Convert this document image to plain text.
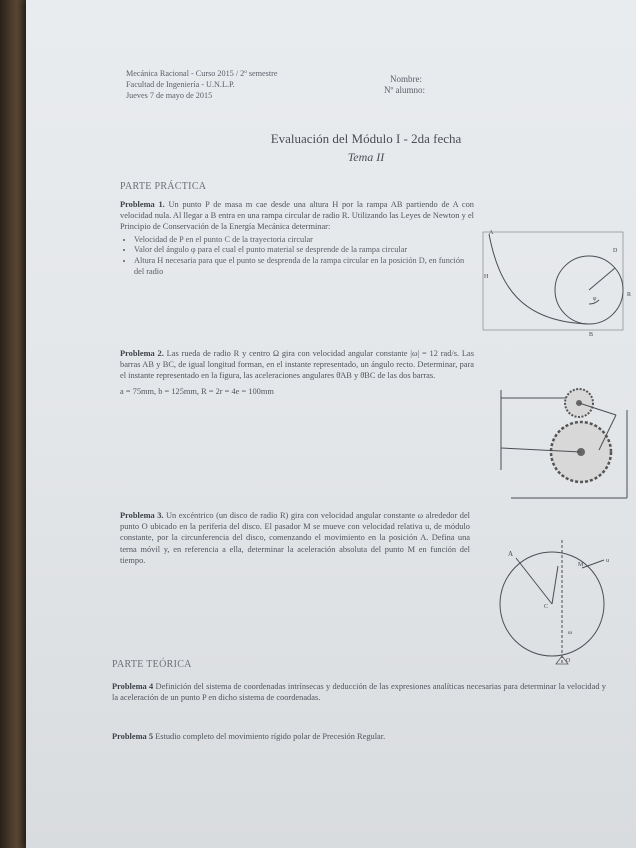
Mecánica Racional - Curso 2015 / 2º semestre
Facultad de Ingeniería - U.N.L.P.
Jueves 7 de mayo de 2015
Nombre:
Nº alumno:
Evaluación del Módulo I - 2da fecha
Tema II
PARTE PRÁCTICA
Problema 1. Un punto P de masa m cae desde una altura H por la rampa AB partiendo de A con velocidad nula. Al llegar a B entra en una rampa circular de radio R. Utilizando las Leyes de Newton y el Principio de Conservación de la Energía Mecánica determinar:
• Velocidad de P en el punto C de la trayectoria circular
• Valor del ángulo φ para el cual el punto material se desprende de la rampa circular
• Altura H necesaria para que el punto se desprenda de la rampa circular en la posición D, en función del radio
A
B
D
H
φ
R
Problema 2. Las rueda de radio R y centro Ω gira con velocidad angular constante |ω| = 12 rad/s. Las barras AB y BC, de igual longitud forman, en el instante representado, un ángulo recto. Determinar, para el instante representado en la figura, las aceleraciones angulares θ̈AB y θ̈BC de las dos barras.
a = 75mm, b = 125mm, R = 2r = 4e = 100mm
Problema 3. Un excéntrico (un disco de radio R) gira con velocidad angular constante ω alrededor del punto O ubicado en la periferia del disco. El pasador M se mueve con velocidad relativa u, de módulo constante, por la circunferencia del disco, comenzando el movimiento en la posición A. Defina una terna móvil y, en referencia a ella, determinar la aceleración absoluta del punto M en función del tiempo.
A
M
C
O
u
ω
PARTE TEÓRICA
Problema 4 Definición del sistema de coordenadas intrínsecas y deducción de las expresiones analíticas necesarias para determinar la velocidad y la aceleración de un punto P en dicho sistema de coordenadas.
Problema 5 Estudio completo del movimiento rígido polar de Precesión Regular.
